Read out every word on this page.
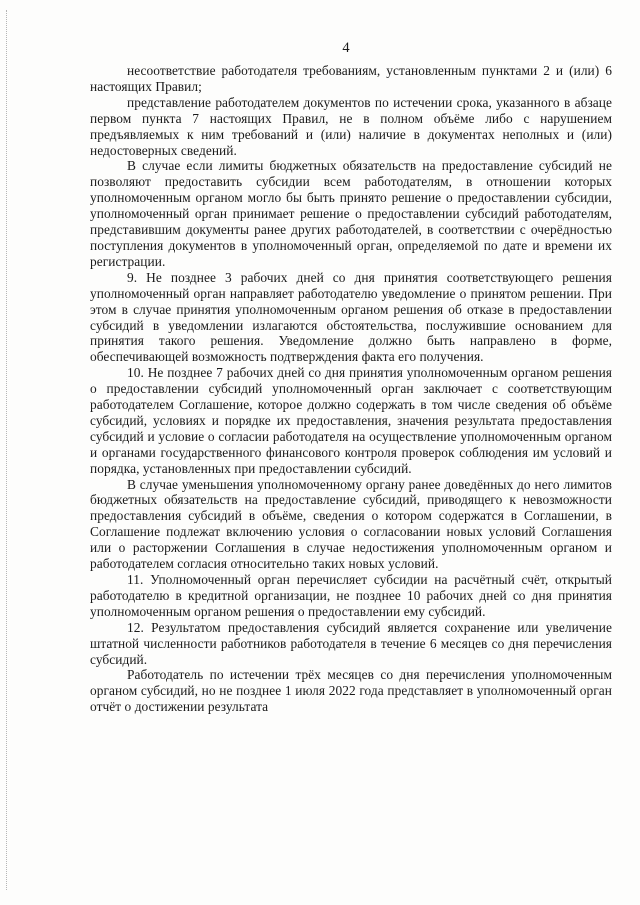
4

несоответствие работодателя требованиям, установленным пунктами 2 и (или) 6 настоящих Правил;

представление работодателем документов по истечении срока, указанного в абзаце первом пункта 7 настоящих Правил, не в полном объёме либо с нарушением предъявляемых к ним требований и (или) наличие в документах неполных и (или) недостоверных сведений.

В случае если лимиты бюджетных обязательств на предоставление субсидий не позволяют предоставить субсидии всем работодателям, в отношении которых уполномоченным органом могло бы быть принято решение о предоставлении субсидии, уполномоченный орган принимает решение о предоставлении субсидий работодателям, представившим документы ранее других работодателей, в соответствии с очерёдностью поступления документов в уполномоченный орган, определяемой по дате и времени их регистрации.

9. Не позднее 3 рабочих дней со дня принятия соответствующего решения уполномоченный орган направляет работодателю уведомление о принятом решении. При этом в случае принятия уполномоченным органом решения об отказе в предоставлении субсидий в уведомлении излагаются обстоятельства, послужившие основанием для принятия такого решения. Уведомление должно быть направлено в форме, обеспечивающей возможность подтверждения факта его получения.

10. Не позднее 7 рабочих дней со дня принятия уполномоченным органом решения о предоставлении субсидий уполномоченный орган заключает с соответствующим работодателем Соглашение, которое должно содержать в том числе сведения об объёме субсидий, условиях и порядке их предоставления, значения результата предоставления субсидий и условие о согласии работодателя на осуществление уполномоченным органом и органами государственного финансового контроля проверок соблюдения им условий и порядка, установленных при предоставлении субсидий.

В случае уменьшения уполномоченному органу ранее доведённых до него лимитов бюджетных обязательств на предоставление субсидий, приводящего к невозможности предоставления субсидий в объёме, сведения о котором содержатся в Соглашении, в Соглашение подлежат включению условия о согласовании новых условий Соглашения или о расторжении Соглашения в случае недостижения уполномоченным органом и работодателем согласия относительно таких новых условий.

11. Уполномоченный орган перечисляет субсидии на расчётный счёт, открытый работодателю в кредитной организации, не позднее 10 рабочих дней со дня принятия уполномоченным органом решения о предоставлении ему субсидий.

12. Результатом предоставления субсидий является сохранение или увеличение штатной численности работников работодателя в течение 6 месяцев со дня перечисления субсидий.

Работодатель по истечении трёх месяцев со дня перечисления уполномоченным органом субсидий, но не позднее 1 июля 2022 года представляет в уполномоченный орган отчёт о достижении результата
